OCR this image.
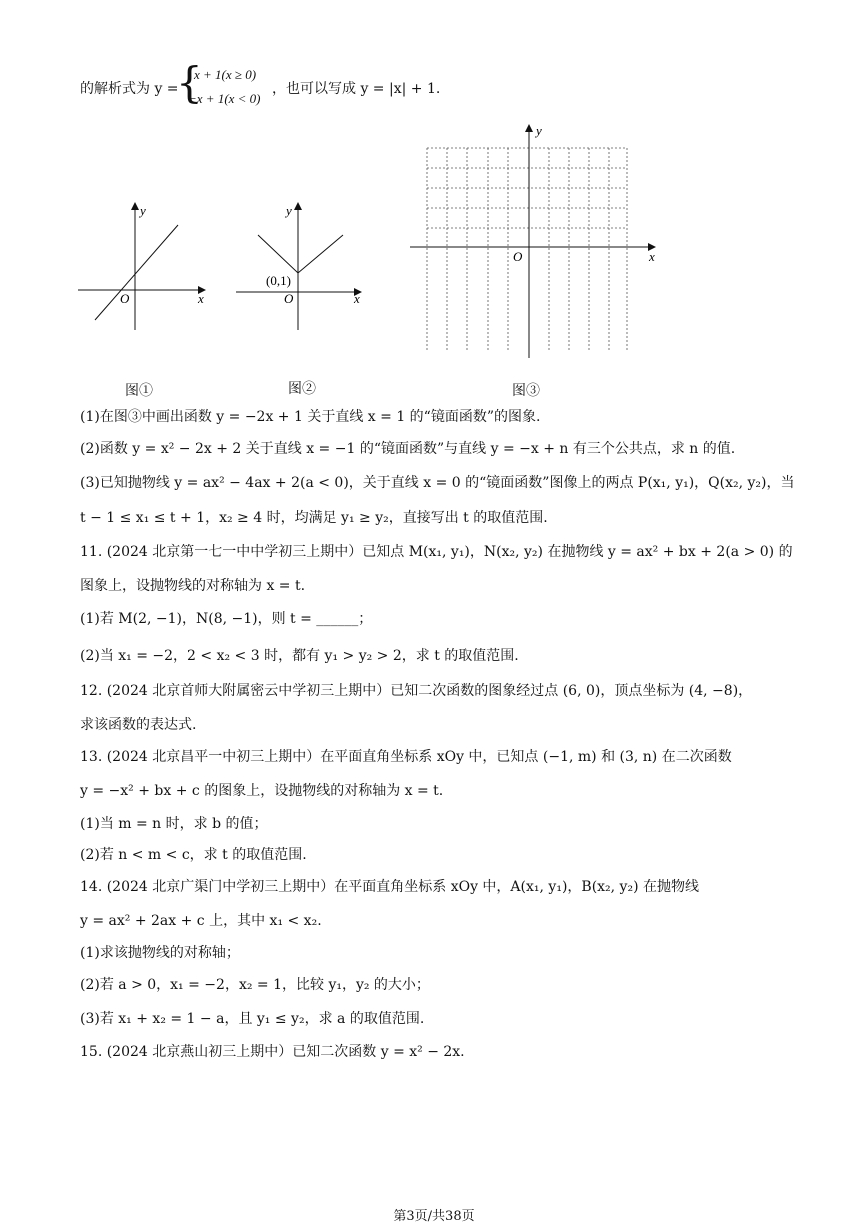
的解析式为 y =
{
x + 1(x ≥ 0)
−x + 1(x < 0)
，也可以写成 y = |x| + 1.
y
x
O
图①
y
x
O
(0,1)
图②
y
x
O
图③
(1)在图③中画出函数 y = −2x + 1 关于直线 x = 1 的“镜面函数”的图象.
(2)函数 y = x² − 2x + 2 关于直线 x = −1 的“镜面函数”与直线 y = −x + n 有三个公共点，求 n 的值.
(3)已知抛物线 y = ax² − 4ax + 2(a < 0)，关于直线 x = 0 的“镜面函数”图像上的两点 P(x₁, y₁)，Q(x₂, y₂)，当
t − 1 ≤ x₁ ≤ t + 1，x₂ ≥ 4 时，均满足 y₁ ≥ y₂，直接写出 t 的取值范围.
11. (2024 北京第一七一中中学初三上期中）已知点 M(x₁, y₁)，N(x₂, y₂) 在抛物线 y = ax² + bx + 2(a > 0) 的
图象上，设抛物线的对称轴为 x = t.
(1)若 M(2, −1)，N(8, −1)，则 t = ______；
(2)当 x₁ = −2，2 < x₂ < 3 时，都有 y₁ > y₂ > 2，求 t 的取值范围.
12. (2024 北京首师大附属密云中学初三上期中）已知二次函数的图象经过点 (6, 0)，顶点坐标为 (4, −8)，
求该函数的表达式.
13. (2024 北京昌平一中初三上期中）在平面直角坐标系 xOy 中，已知点 (−1, m) 和 (3, n) 在二次函数
y = −x² + bx + c 的图象上，设抛物线的对称轴为 x = t.
(1)当 m = n 时，求 b 的值；
(2)若 n < m < c，求 t 的取值范围.
14. (2024 北京广渠门中学初三上期中）在平面直角坐标系 xOy 中，A(x₁, y₁)，B(x₂, y₂) 在抛物线
y = ax² + 2ax + c 上，其中 x₁ < x₂.
(1)求该抛物线的对称轴；
(2)若 a > 0，x₁ = −2，x₂ = 1，比较 y₁，y₂ 的大小；
(3)若 x₁ + x₂ = 1 − a，且 y₁ ≤ y₂，求 a 的取值范围.
15. (2024 北京燕山初三上期中）已知二次函数 y = x² − 2x.
第3页/共38页
